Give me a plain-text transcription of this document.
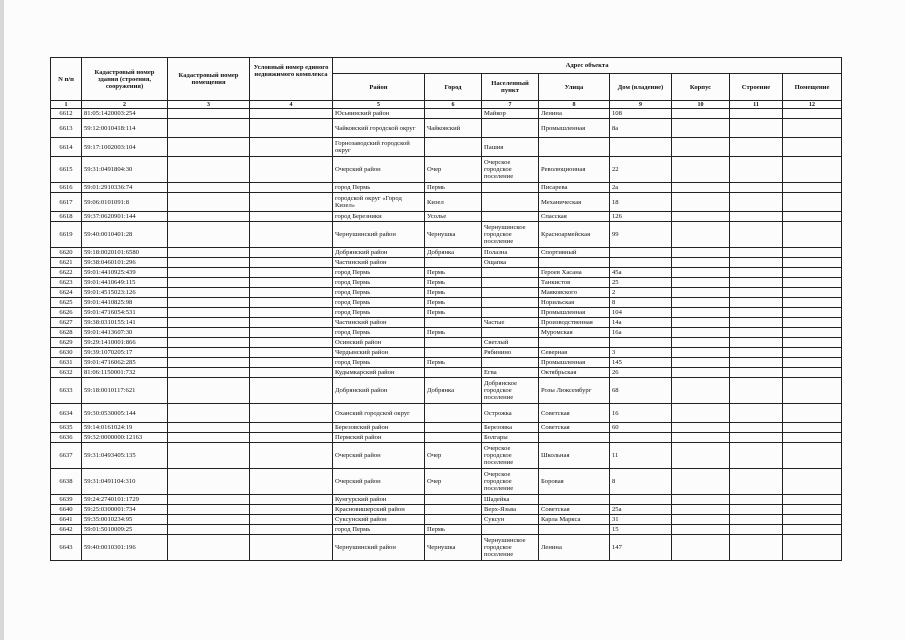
N п/п	Кадастровый номер здания (строения, сооружения)	Кадастровый номер помещения	Условный номер единого недвижимого комплекса	Адрес объекта							
				Район	Город	Населенный пункт	Улица	Дом (владение)	Корпус	Строение	Помещение
1	2	3	4	5	6	7	8	9	10	11	12
6612	81:05:1420003:254			Юсьвинский район		Майкор	Ленина	108			
6613	59:12:0010418:114			Чайковский городской округ	Чайковский		Промышленная	8а			
6614	59:17:1002003:104			Горнозаводский городской округ		Пашия					
6615	59:31:0491804:30			Очерский район	Очер	Очерское городское поселение	Революционная	22			
6616	59:01:2910336:74			город Пермь	Пермь		Писарева	2а			
6617	59:06:0101091:8			городской округ «Город Кизел»	Кизел		Механическая	18			
6618	59:37:0620901:144			город Березники	Усолье		Спасская	126			
6619	59:40:0010401:28			Чернушинский район	Чернушка	Чернушинское городское поселение	Красноармейская	99			
6620	59:18:0020101:6580			Добрянский район	Добрянка	Полазна	Спортивный				
6621	59:38:0460101:296			Частинский район		Ощапка					
6622	59:01:4410925:439			город Пермь	Пермь		Героев Хасана	45а			
6623	59:01:4410649:115			город Пермь	Пермь		Танкистов	25			
6624	59:01:4515023:126			город Пермь	Пермь		Маяковского	2			
6625	59:01:4410825:98			город Пермь	Пермь		Норильская	8			
6626	59:01:4716054:531			город Пермь	Пермь		Промышленная	104			
6627	59:38:0310155:141			Частинский район		Частые	Производственная	14а			
6628	59:01:4413607:30			город Пермь	Пермь		Муромская	16а			
6629	59:29:1410001:866			Осинский район		Светлый					
6630	59:39:1070205:17			Чердынский район		Рябинино	Северная	3			
6631	59:01:4716062:285			город Пермь	Пермь		Промышленная	145			
6632	81:06:1150001:732			Кудымкарский район		Егва	Октябрьская	26			
6633	59:18:0010117:621			Добрянский район	Добрянка	Добрянское городское поселение	Розы Люксембург	68			
6634	59:30:0530005:144			Оханский городской округ		Острожка	Советская	16			
6635	59:14:0161024:19			Березовский район		Березовка	Советская	60			
6636	59:32:0000000:12163			Пермский район		Болгары					
6637	59:31:0493405:135			Очерский район	Очер	Очерское городское поселение	Школьная	11			
6638	59:31:0491104:310			Очерский район	Очер	Очерское городское поселение	Боровая	8			
6639	59:24:2740101:1729			Кунгурский район		Шадейка					
6640	59:25:0300001:734			Красновишерский район		Верх-Язьва	Советская	25а			
6641	59:35:0010234:95			Суксунский район		Суксун	Карла Маркса	31			
6642	59:01:5010009:25			город Пермь	Пермь			15			
6643	59:40:0010301:196			Чернушинский район	Чернушка	Чернушинское городское поселение	Ленина	147			
